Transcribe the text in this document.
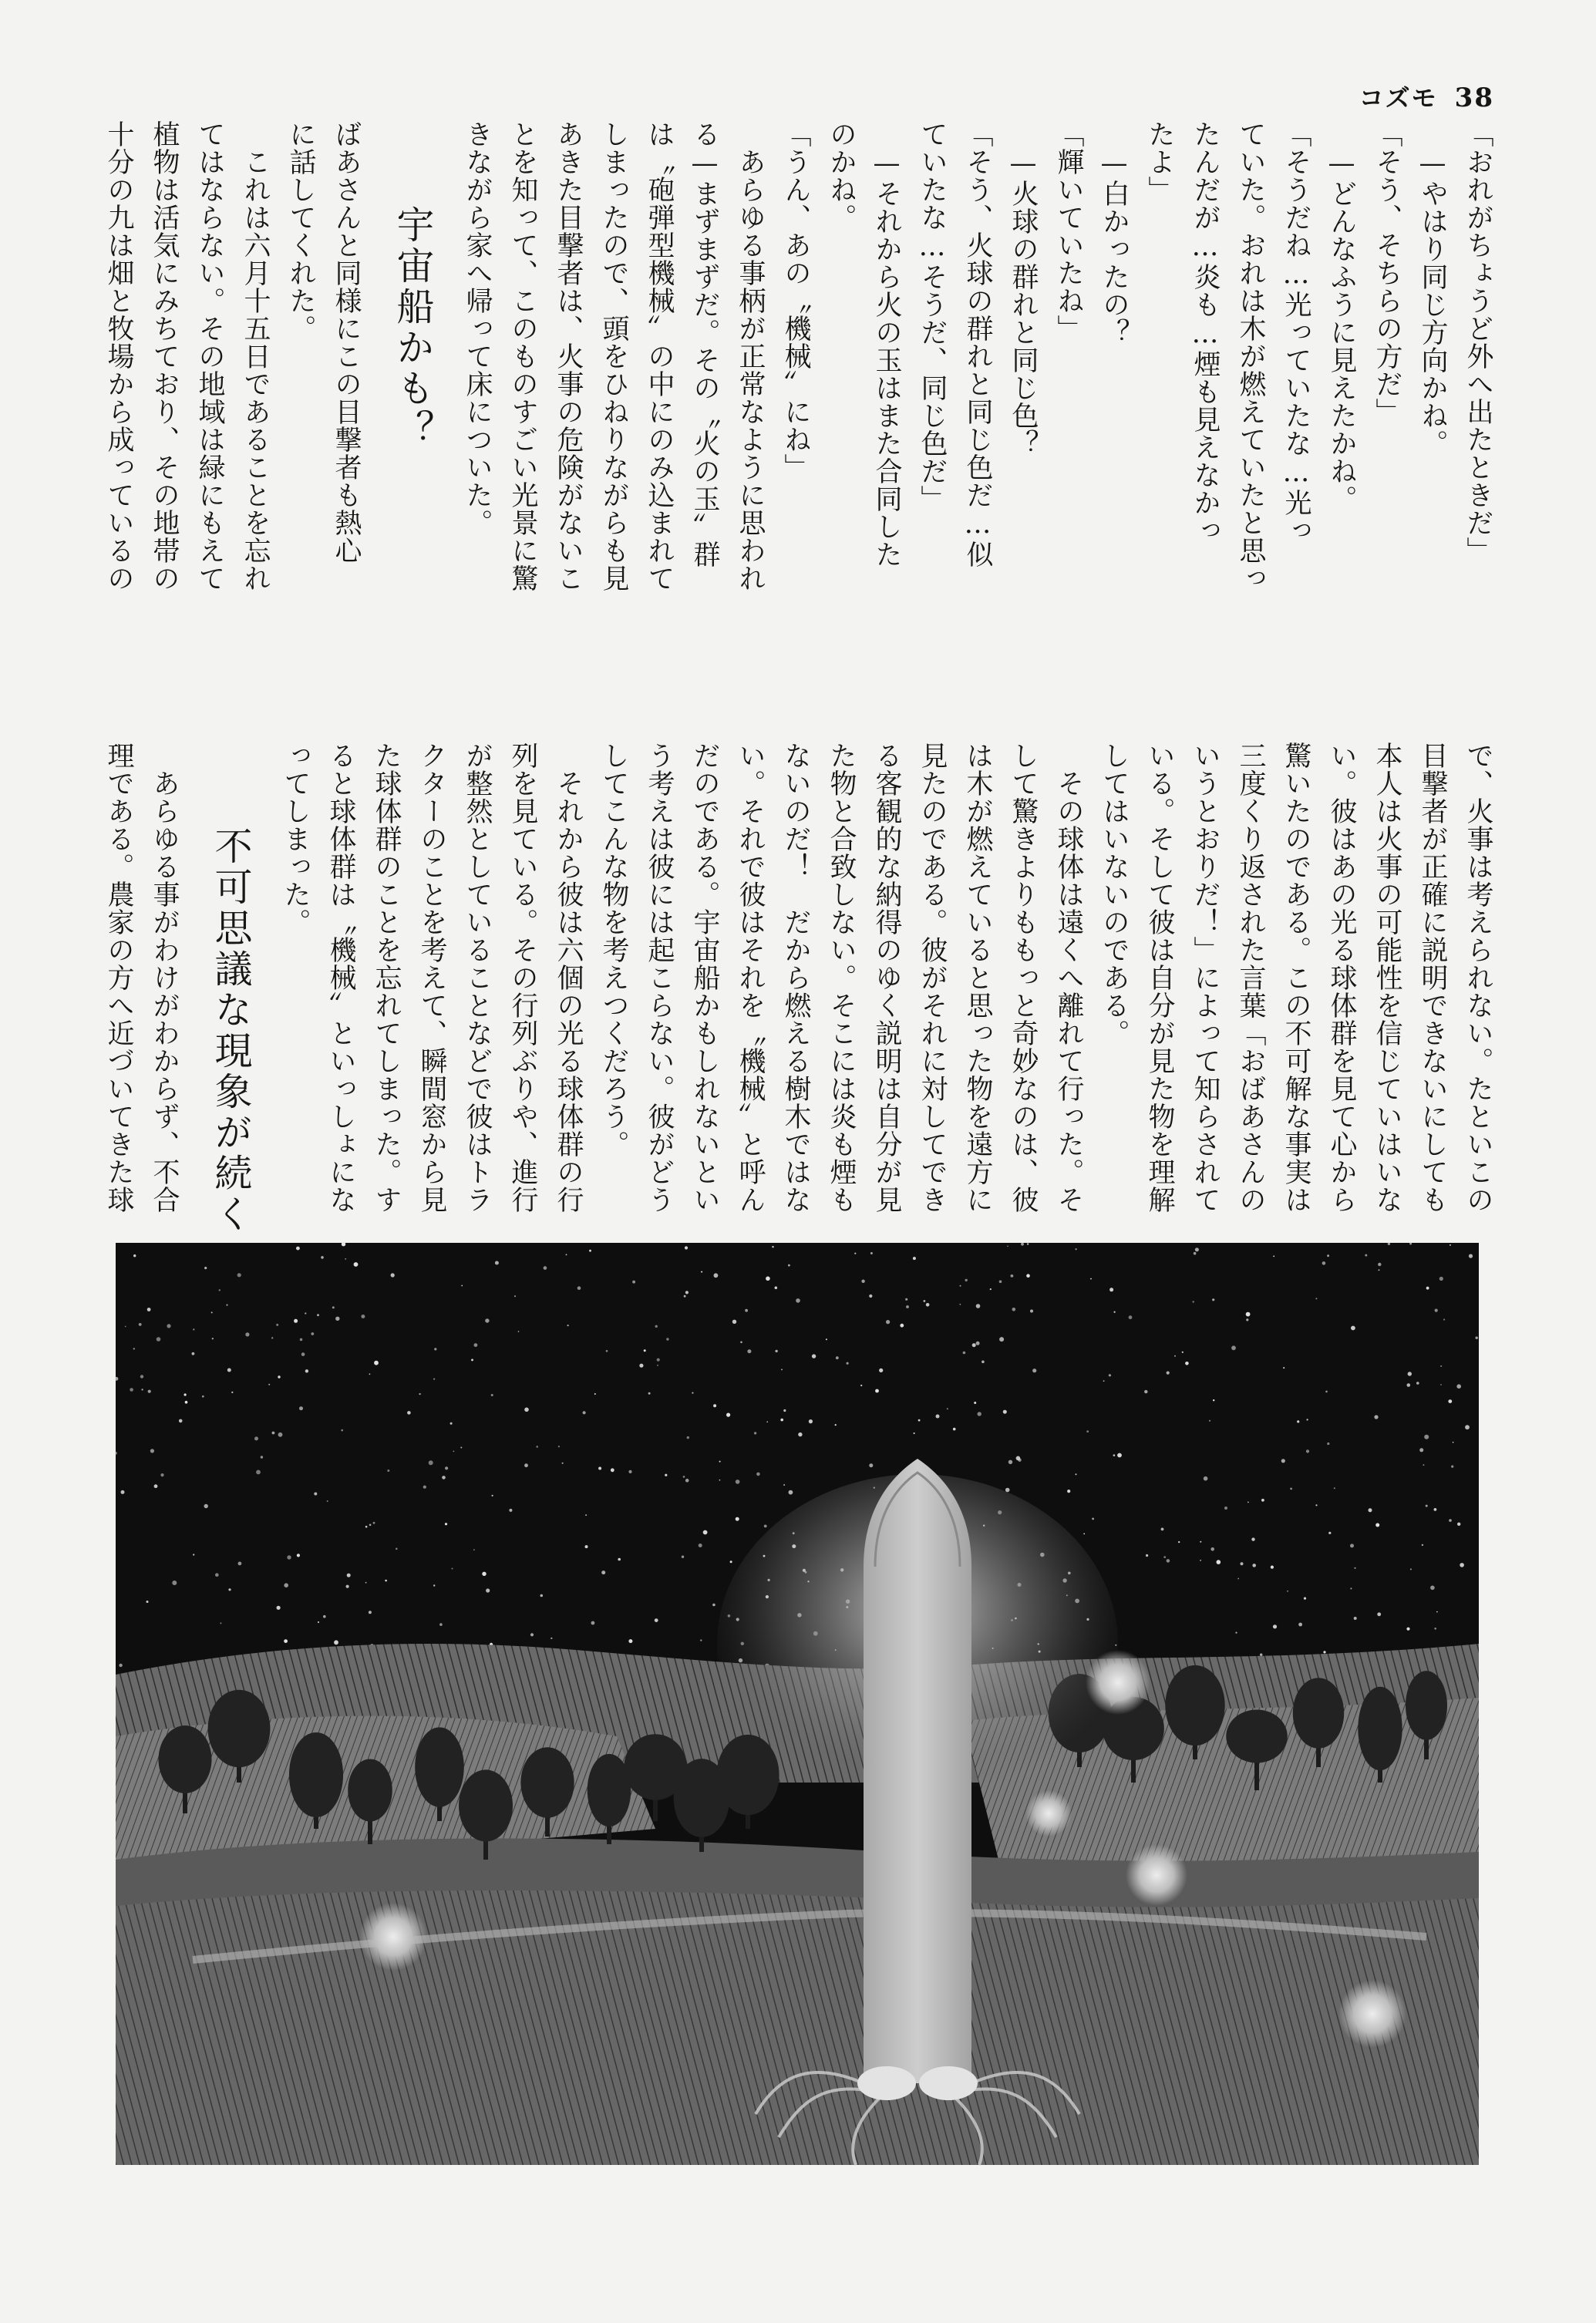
コズモ 38

「おれがちょうど外へ出たときだ」

　—やはり同じ方向かね。

「そう、そちらの方だ」

　—どんなふうに見えたかね。

「そうだね…光っていたな…光っ

ていた。おれは木が燃えていたと思っ

たんだが…炎も…煙も見えなかっ

たよ」

　—白かったの？

「輝いていたね」

　—火球の群れと同じ色？

「そう、火球の群れと同じ色だ…似

ていたな…そうだ、同じ色だ」

　—それから火の玉はまた合同した

のかね。

「うん、あの〝機械〟にね」

　あらゆる事柄が正常なように思われ

る—まずまずだ。その〝火の玉〟群

は〝砲弾型機械〟の中にのみ込まれて

しまったので、頭をひねりながらも見

あきた目撃者は、火事の危険がないこ

とを知って、このものすごい光景に驚

きながら家へ帰って床についた。

宇宙船かも？

ばあさんと同様にこの目撃者も熱心

に話してくれた。

　これは六月十五日であることを忘れ

てはならない。その地域は緑にもえて

植物は活気にみちており、その地帯の

十分の九は畑と牧場から成っているの

で、火事は考えられない。たといこの

目撃者が正確に説明できないにしても

本人は火事の可能性を信じていはいな

い。彼はあの光る球体群を見て心から

驚いたのである。この不可解な事実は

三度くり返された言葉「おばあさんの

いうとおりだ！」によって知らされて

いる。そして彼は自分が見た物を理解

してはいないのである。

　その球体は遠くへ離れて行った。そ

して驚きよりももっと奇妙なのは、彼

は木が燃えていると思った物を遠方に

見たのである。彼がそれに対してでき

る客観的な納得のゆく説明は自分が見

た物と合致しない。そこには炎も煙も

ないのだ！　だから燃える樹木ではな

い。それで彼はそれを〝機械〟と呼ん

だのである。宇宙船かもしれないとい

う考えは彼には起こらない。彼がどう

してこんな物を考えつくだろう。

　それから彼は六個の光る球体群の行

列を見ている。その行列ぶりや、進行

が整然としていることなどで彼はトラ

クターのことを考えて、瞬間窓から見

た球体群のことを忘れてしまった。す

ると球体群は〝機械〟といっしょにな

ってしまった。

不可思議な現象が続く

　あらゆる事がわけがわからず、不合

理である。農家の方へ近づいてきた球
